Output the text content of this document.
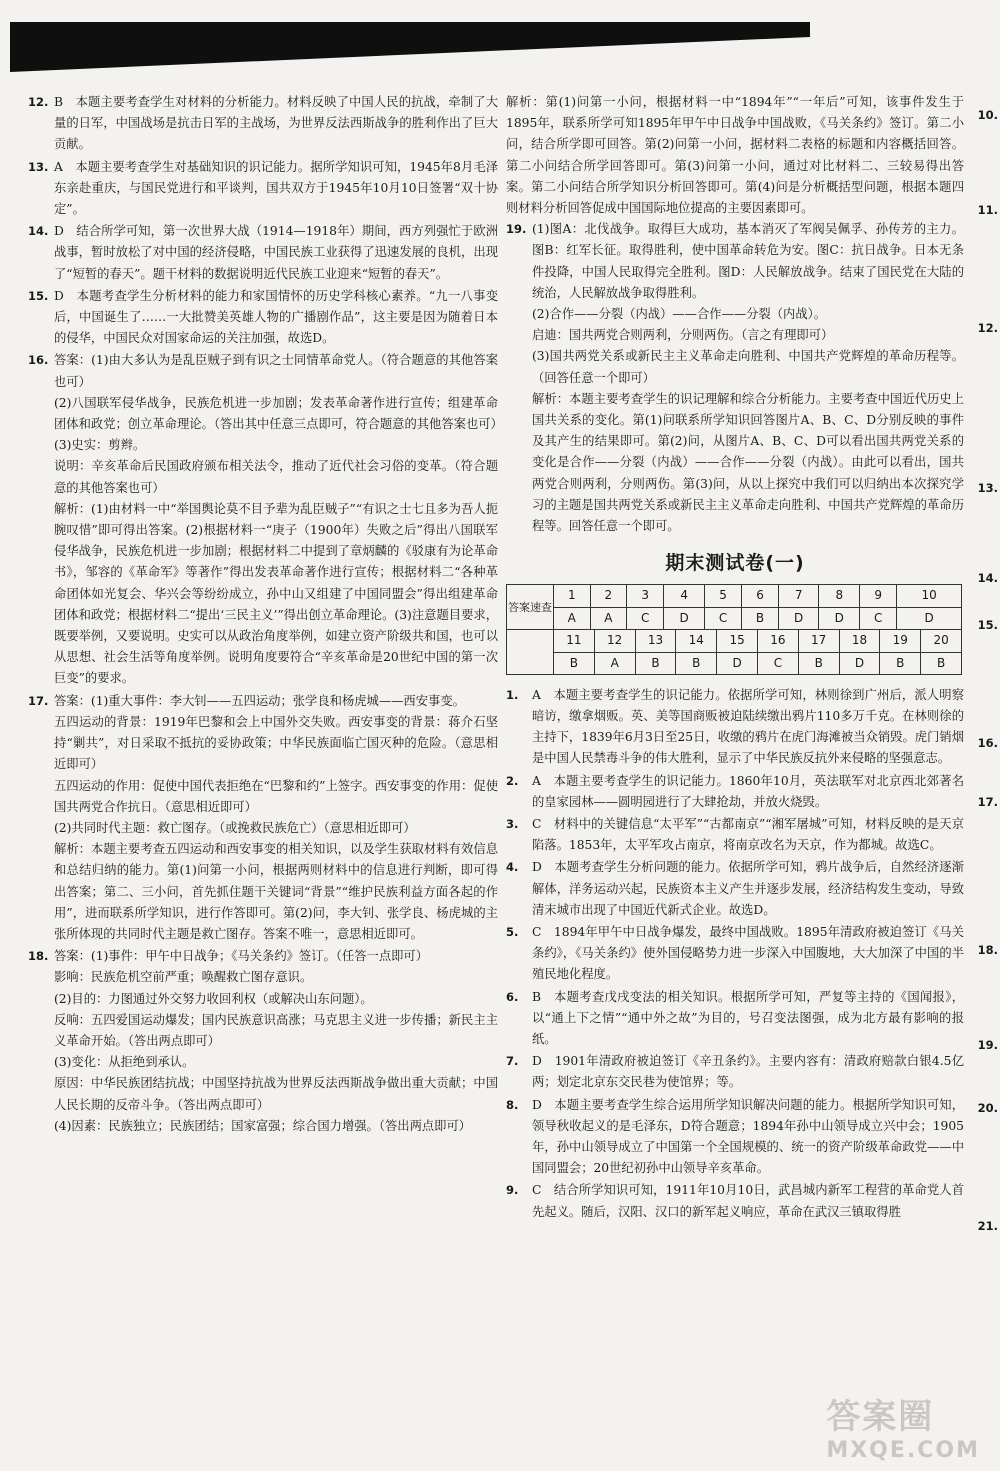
12. B　本题主要考查学生对材料的分析能力。材料反映了中国人民的抗战，牵制了大量的日军，中国战场是抗击日军的主战场，为世界反法西斯战争的胜利作出了巨大贡献。

13. A　本题主要考查学生对基础知识的识记能力。据所学知识可知，1945年8月毛泽东亲赴重庆，与国民党进行和平谈判，国共双方于1945年10月10日签署“双十协定”。

14. D　结合所学可知，第一次世界大战（1914—1918年）期间，西方列强忙于欧洲战事，暂时放松了对中国的经济侵略，中国民族工业获得了迅速发展的良机，出现了“短暂的春天”。题干材料的数据说明近代民族工业迎来“短暂的春天”。

15. D　本题考查学生分析材料的能力和家国情怀的历史学科核心素养。“九一八事变后，中国诞生了……一大批赞美英雄人物的广播剧作品”，这主要是因为随着日本的侵华，中国民众对国家命运的关注加强，故选D。

16. 答案：(1)由大多认为是乱臣贼子到有识之士同情革命党人。（符合题意的其他答案也可）

(2)八国联军侵华战争，民族危机进一步加剧；发表革命著作进行宣传；组建革命团体和政党；创立革命理论。（答出其中任意三点即可，符合题意的其他答案也可）

(3)史实：剪辫。

说明：辛亥革命后民国政府颁布相关法令，推动了近代社会习俗的变革。（符合题意的其他答案也可）

解析：(1)由材料一中“举国舆论莫不目予辈为乱臣贼子”“有识之士七且多为吾人扼腕叹惜”即可得出答案。(2)根据材料一“庚子（1900年）失败之后”得出八国联军侵华战争，民族危机进一步加剧；根据材料二中提到了章炳麟的《驳康有为论革命书》，邹容的《革命军》等著作”得出发表革命著作进行宣传；根据材料二“各种革命团体如光复会、华兴会等纷纷成立，孙中山又组建了中国同盟会”得出组建革命团体和政党；根据材料二“提出‘三民主义’”得出创立革命理论。(3)注意题目要求，既要举例，又要说明。史实可以从政治角度举例，如建立资产阶级共和国，也可以从思想、社会生活等角度举例。说明角度要符合“辛亥革命是20世纪中国的第一次巨变”的要求。

17. 答案：(1)重大事件：李大钊——五四运动；张学良和杨虎城——西安事变。

五四运动的背景：1919年巴黎和会上中国外交失败。西安事变的背景：蒋介石坚持“剿共”，对日采取不抵抗的妥协政策；中华民族面临亡国灭种的危险。（意思相近即可）

五四运动的作用：促使中国代表拒绝在“巴黎和约”上签字。西安事变的作用：促使国共两党合作抗日。（意思相近即可）

(2)共同时代主题：救亡图存。（或挽救民族危亡）（意思相近即可）

解析：本题主要考查五四运动和西安事变的相关知识，以及学生获取材料有效信息和总结归纳的能力。第(1)问第一小问，根据两则材料中的信息进行判断，即可得出答案；第二、三小问，首先抓住题干关键词“背景”“维护民族利益方面各起的作用”，进而联系所学知识，进行作答即可。第(2)问，李大钊、张学良、杨虎城的主张所体现的共同时代主题是救亡图存。答案不唯一，意思相近即可。

18. 答案：(1)事件：甲午中日战争；《马关条约》签订。（任答一点即可）

影响：民族危机空前严重；唤醒救亡图存意识。

(2)目的：力图通过外交努力收回利权（或解决山东问题）。

反响：五四爱国运动爆发；国内民族意识高涨；马克思主义进一步传播；新民主主义革命开始。（答出两点即可）

(3)变化：从拒绝到承认。

原因：中华民族团结抗战；中国坚持抗战为世界反法西斯战争做出重大贡献；中国人民长期的反帝斗争。（答出两点即可）

(4)因素：民族独立；民族团结；国家富强；综合国力增强。（答出两点即可）

解析：第(1)问第一小问，根据材料一中“1894年”“一年后”可知，该事件发生于1895年，联系所学可知1895年甲午中日战争中国战败，《马关条约》签订。第二小问，结合所学即可回答。第(2)问第一小问，据材料二表格的标题和内容概括回答。第二小问结合所学回答即可。第(3)问第一小问，通过对比材料二、三较易得出答案。第二小问结合所学知识分析回答即可。第(4)问是分析概括型问题，根据本题四则材料分析回答促成中国国际地位提高的主要因素即可。

19. (1)图A：北伐战争。取得巨大成功，基本消灭了军阀吴佩孚、孙传芳的主力。图B：红军长征。取得胜利，使中国革命转危为安。图C：抗日战争。日本无条件投降，中国人民取得完全胜利。图D：人民解放战争。结束了国民党在大陆的统治，人民解放战争取得胜利。

(2)合作——分裂（内战）——合作——分裂（内战）。

启迪：国共两党合则两利，分则两伤。（言之有理即可）

(3)国共两党关系或新民主主义革命走向胜利、中国共产党辉煌的革命历程等。（回答任意一个即可）

解析：本题主要考查学生的识记理解和综合分析能力。主要考查中国近代历史上国共关系的变化。第(1)问联系所学知识回答图片A、B、C、D分别反映的事件及其产生的结果即可。第(2)问，从图片A、B、C、D可以看出国共两党关系的变化是合作——分裂（内战）——合作——分裂（内战）。由此可以看出，国共两党合则两利，分则两伤。第(3)问，从以上探究中我们可以归纳出本次探究学习的主题是国共两党关系或新民主主义革命走向胜利、中国共产党辉煌的革命历程等。回答任意一个即可。

期末测试卷(一)
答案速查										
	1	2	3	4	5	6	7	8	9	10
	A	A	C	D	C	B	D	D	C	D

	11	12	13	14	15	16	17	18	19	20
	B	A	B	B	D	C	B	D	B	B
1. A　本题主要考查学生的识记能力。依据所学可知，林则徐到广州后，派人明察暗访，缴拿烟贩。英、美等国商贩被迫陆续缴出鸦片110多万千克。在林则徐的主持下，1839年6月3日至25日，收缴的鸦片在虎门海滩被当众销毁。虎门销烟是中国人民禁毒斗争的伟大胜利，显示了中华民族反抗外来侵略的坚强意志。

2. A　本题主要考查学生的识记能力。1860年10月，英法联军对北京西北郊著名的皇家园林——圆明园进行了大肆抢劫，并放火烧毁。

3. C　材料中的关键信息“太平军”“古都南京”“湘军屠城”可知，材料反映的是天京陷落。1853年，太平军攻占南京，将南京改名为天京，作为都城。故选C。

4. D　本题考查学生分析问题的能力。依据所学可知，鸦片战争后，自然经济逐渐解体，洋务运动兴起，民族资本主义产生并逐步发展，经济结构发生变动，导致清末城市出现了中国近代新式企业。故选D。

5. C　1894年甲午中日战争爆发，最终中国战败。1895年清政府被迫签订《马关条约》，《马关条约》使外国侵略势力进一步深入中国腹地，大大加深了中国的半殖民地化程度。

6. B　本题考查戊戌变法的相关知识。根据所学可知，严复等主持的《国闻报》，以“通上下之情”“通中外之故”为目的，号召变法图强，成为北方最有影响的报纸。

7. D　1901年清政府被迫签订《辛丑条约》。主要内容有：清政府赔款白银4.5亿两；划定北京东交民巷为使馆界；等。

8. D　本题主要考查学生综合运用所学知识解决问题的能力。根据所学知识可知，领导秋收起义的是毛泽东，D符合题意；1894年孙中山领导成立兴中会；1905年，孙中山领导成立了中国第一个全国规模的、统一的资产阶级革命政党——中国同盟会；20世纪初孙中山领导辛亥革命。

9. C　结合所学知识可知，1911年10月10日，武昌城内新军工程营的革命党人首先起义。随后，汉阳、汉口的新军起义响应，革命在武汉三镇取得胜

10.
11.
12.
13.
14.
15.
16.
17.
18.
19.
20.
21.
答案圈
MXQE.COM
